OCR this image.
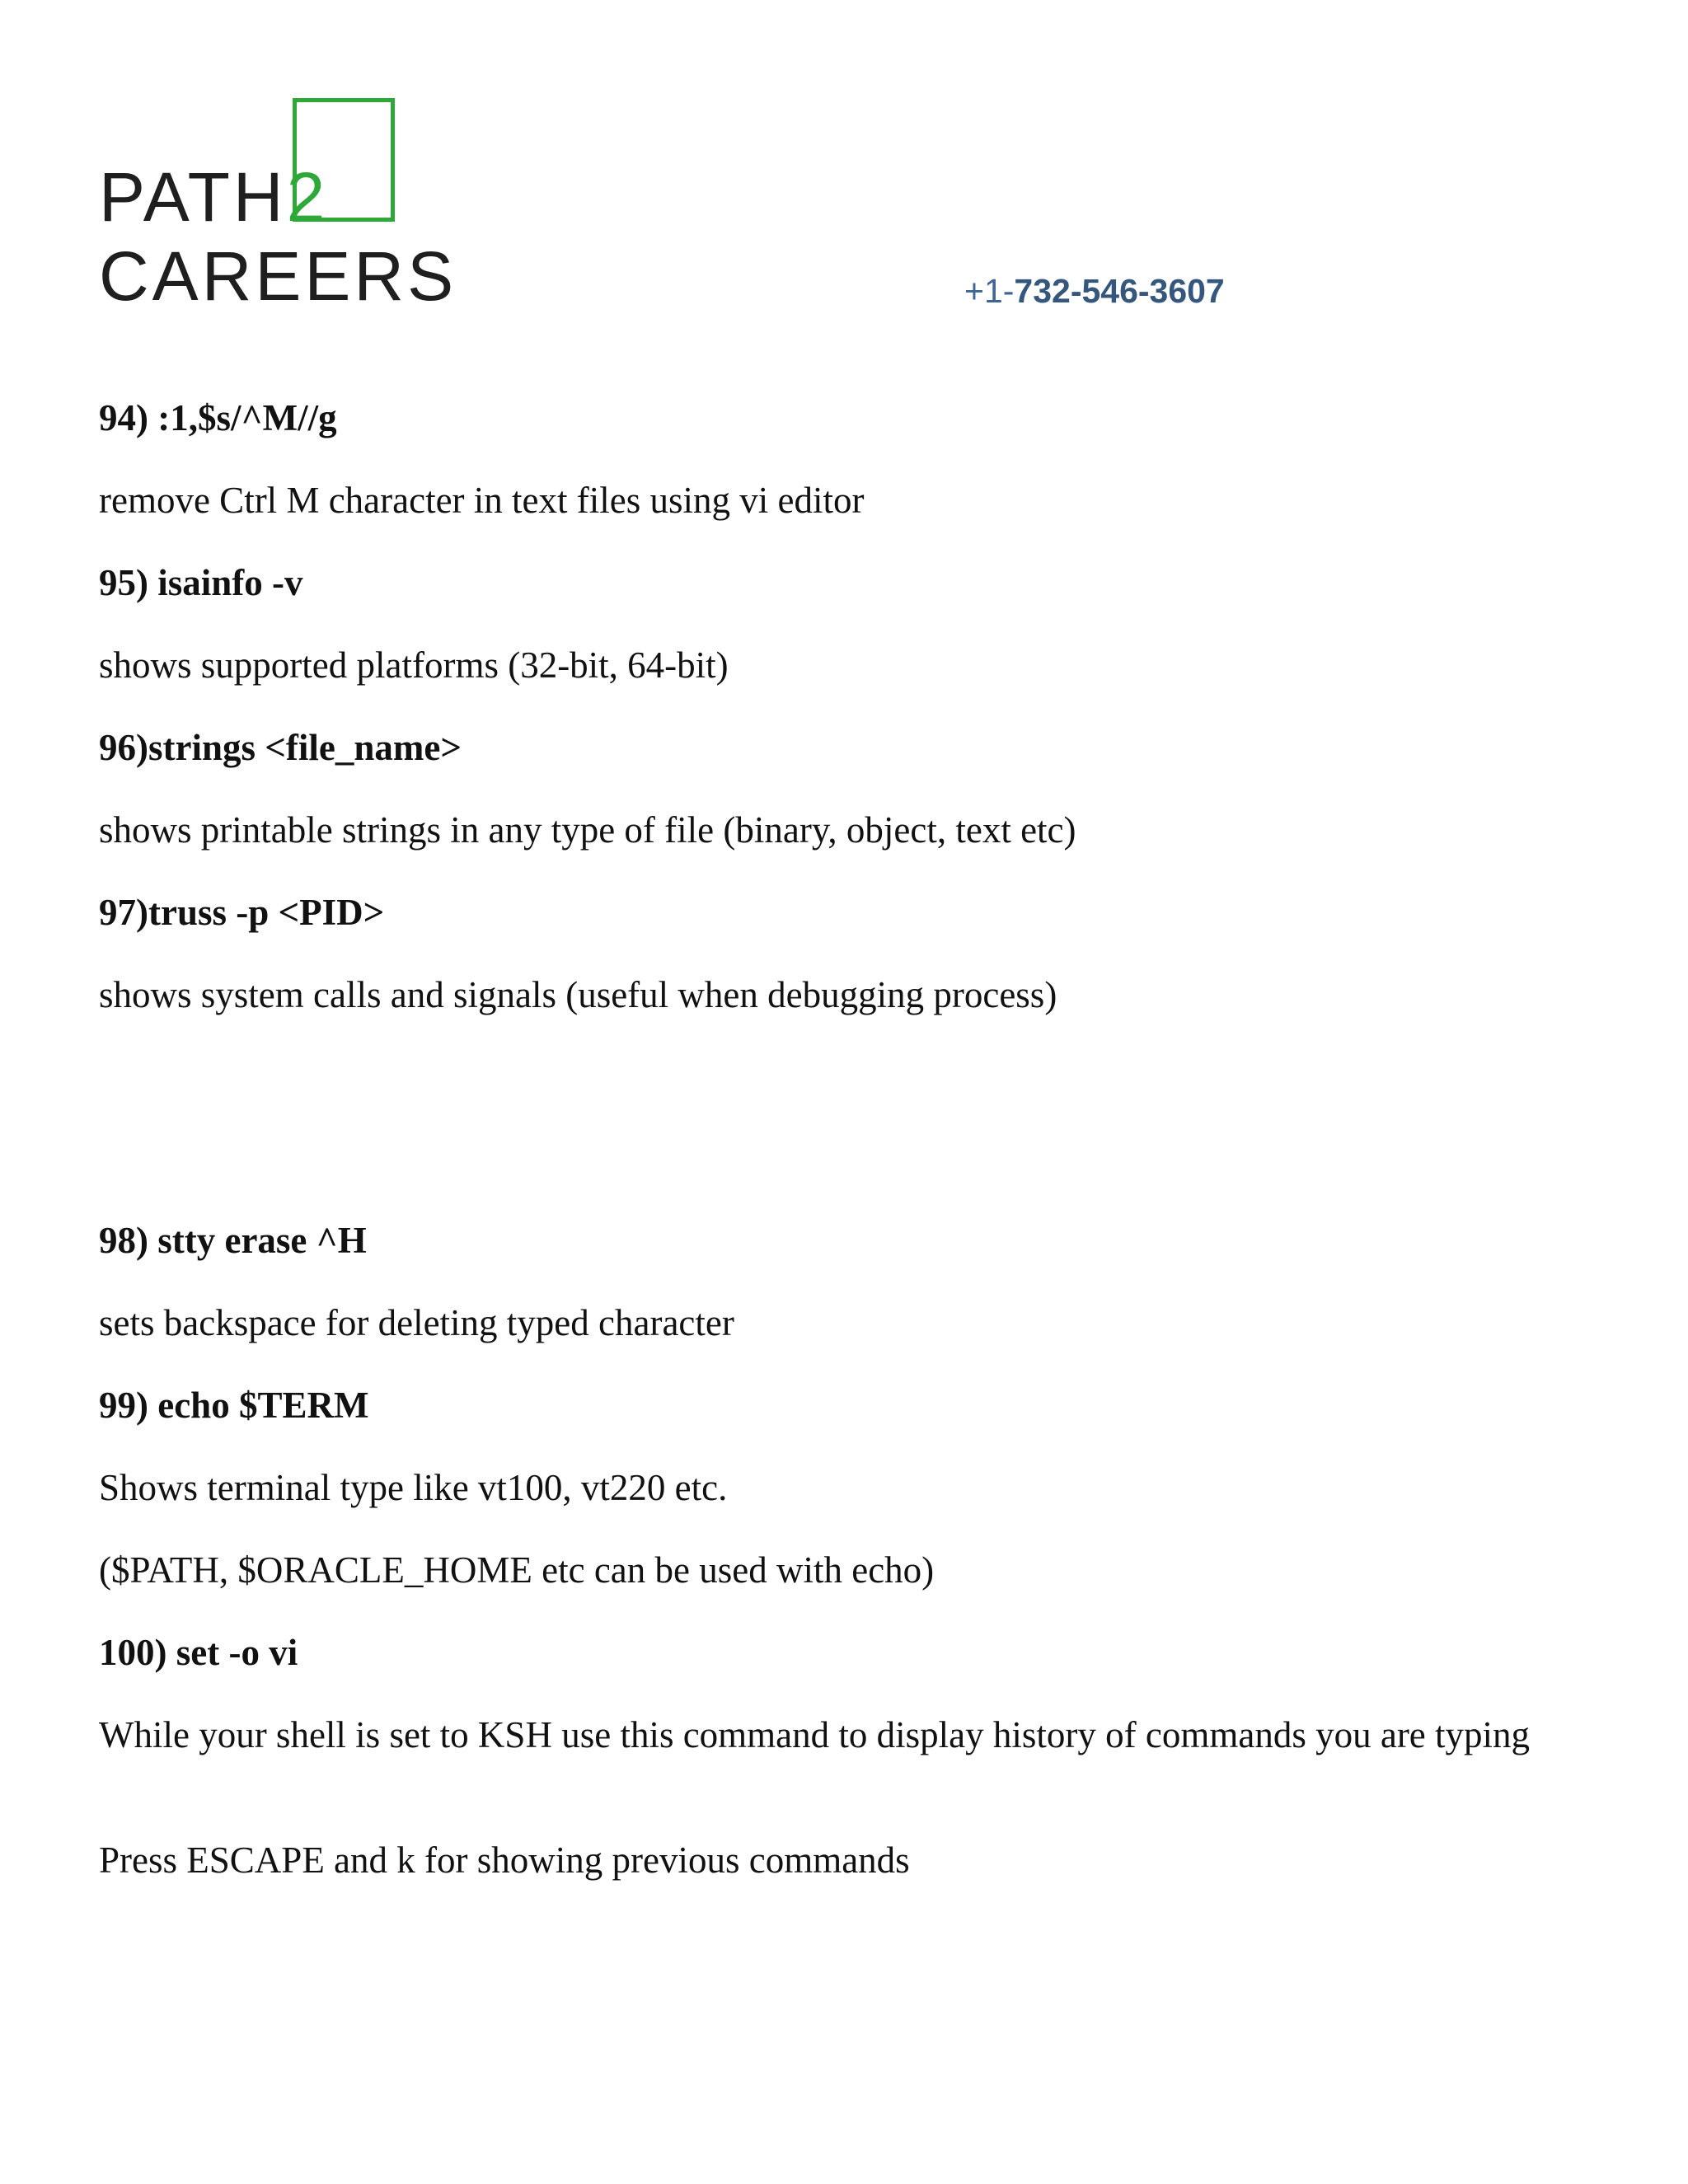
PATH2
CAREERS	+1-732-546-3607
94) :1,$s/^M//g
remove Ctrl M character in text files using vi editor
95) isainfo -v
shows supported platforms (32-bit, 64-bit)
96)strings <file_name>
shows printable strings in any type of file (binary, object, text etc)
97)truss -p <PID>
shows system calls and signals (useful when debugging process)
98) stty erase ^H
sets backspace for deleting typed character
99) echo $TERM
Shows terminal type like vt100, vt220 etc.
($PATH, $ORACLE_HOME etc can be used with echo)
100) set -o vi
While your shell is set to KSH use this command to display history of commands you are typing
Press ESCAPE and k for showing previous commands
